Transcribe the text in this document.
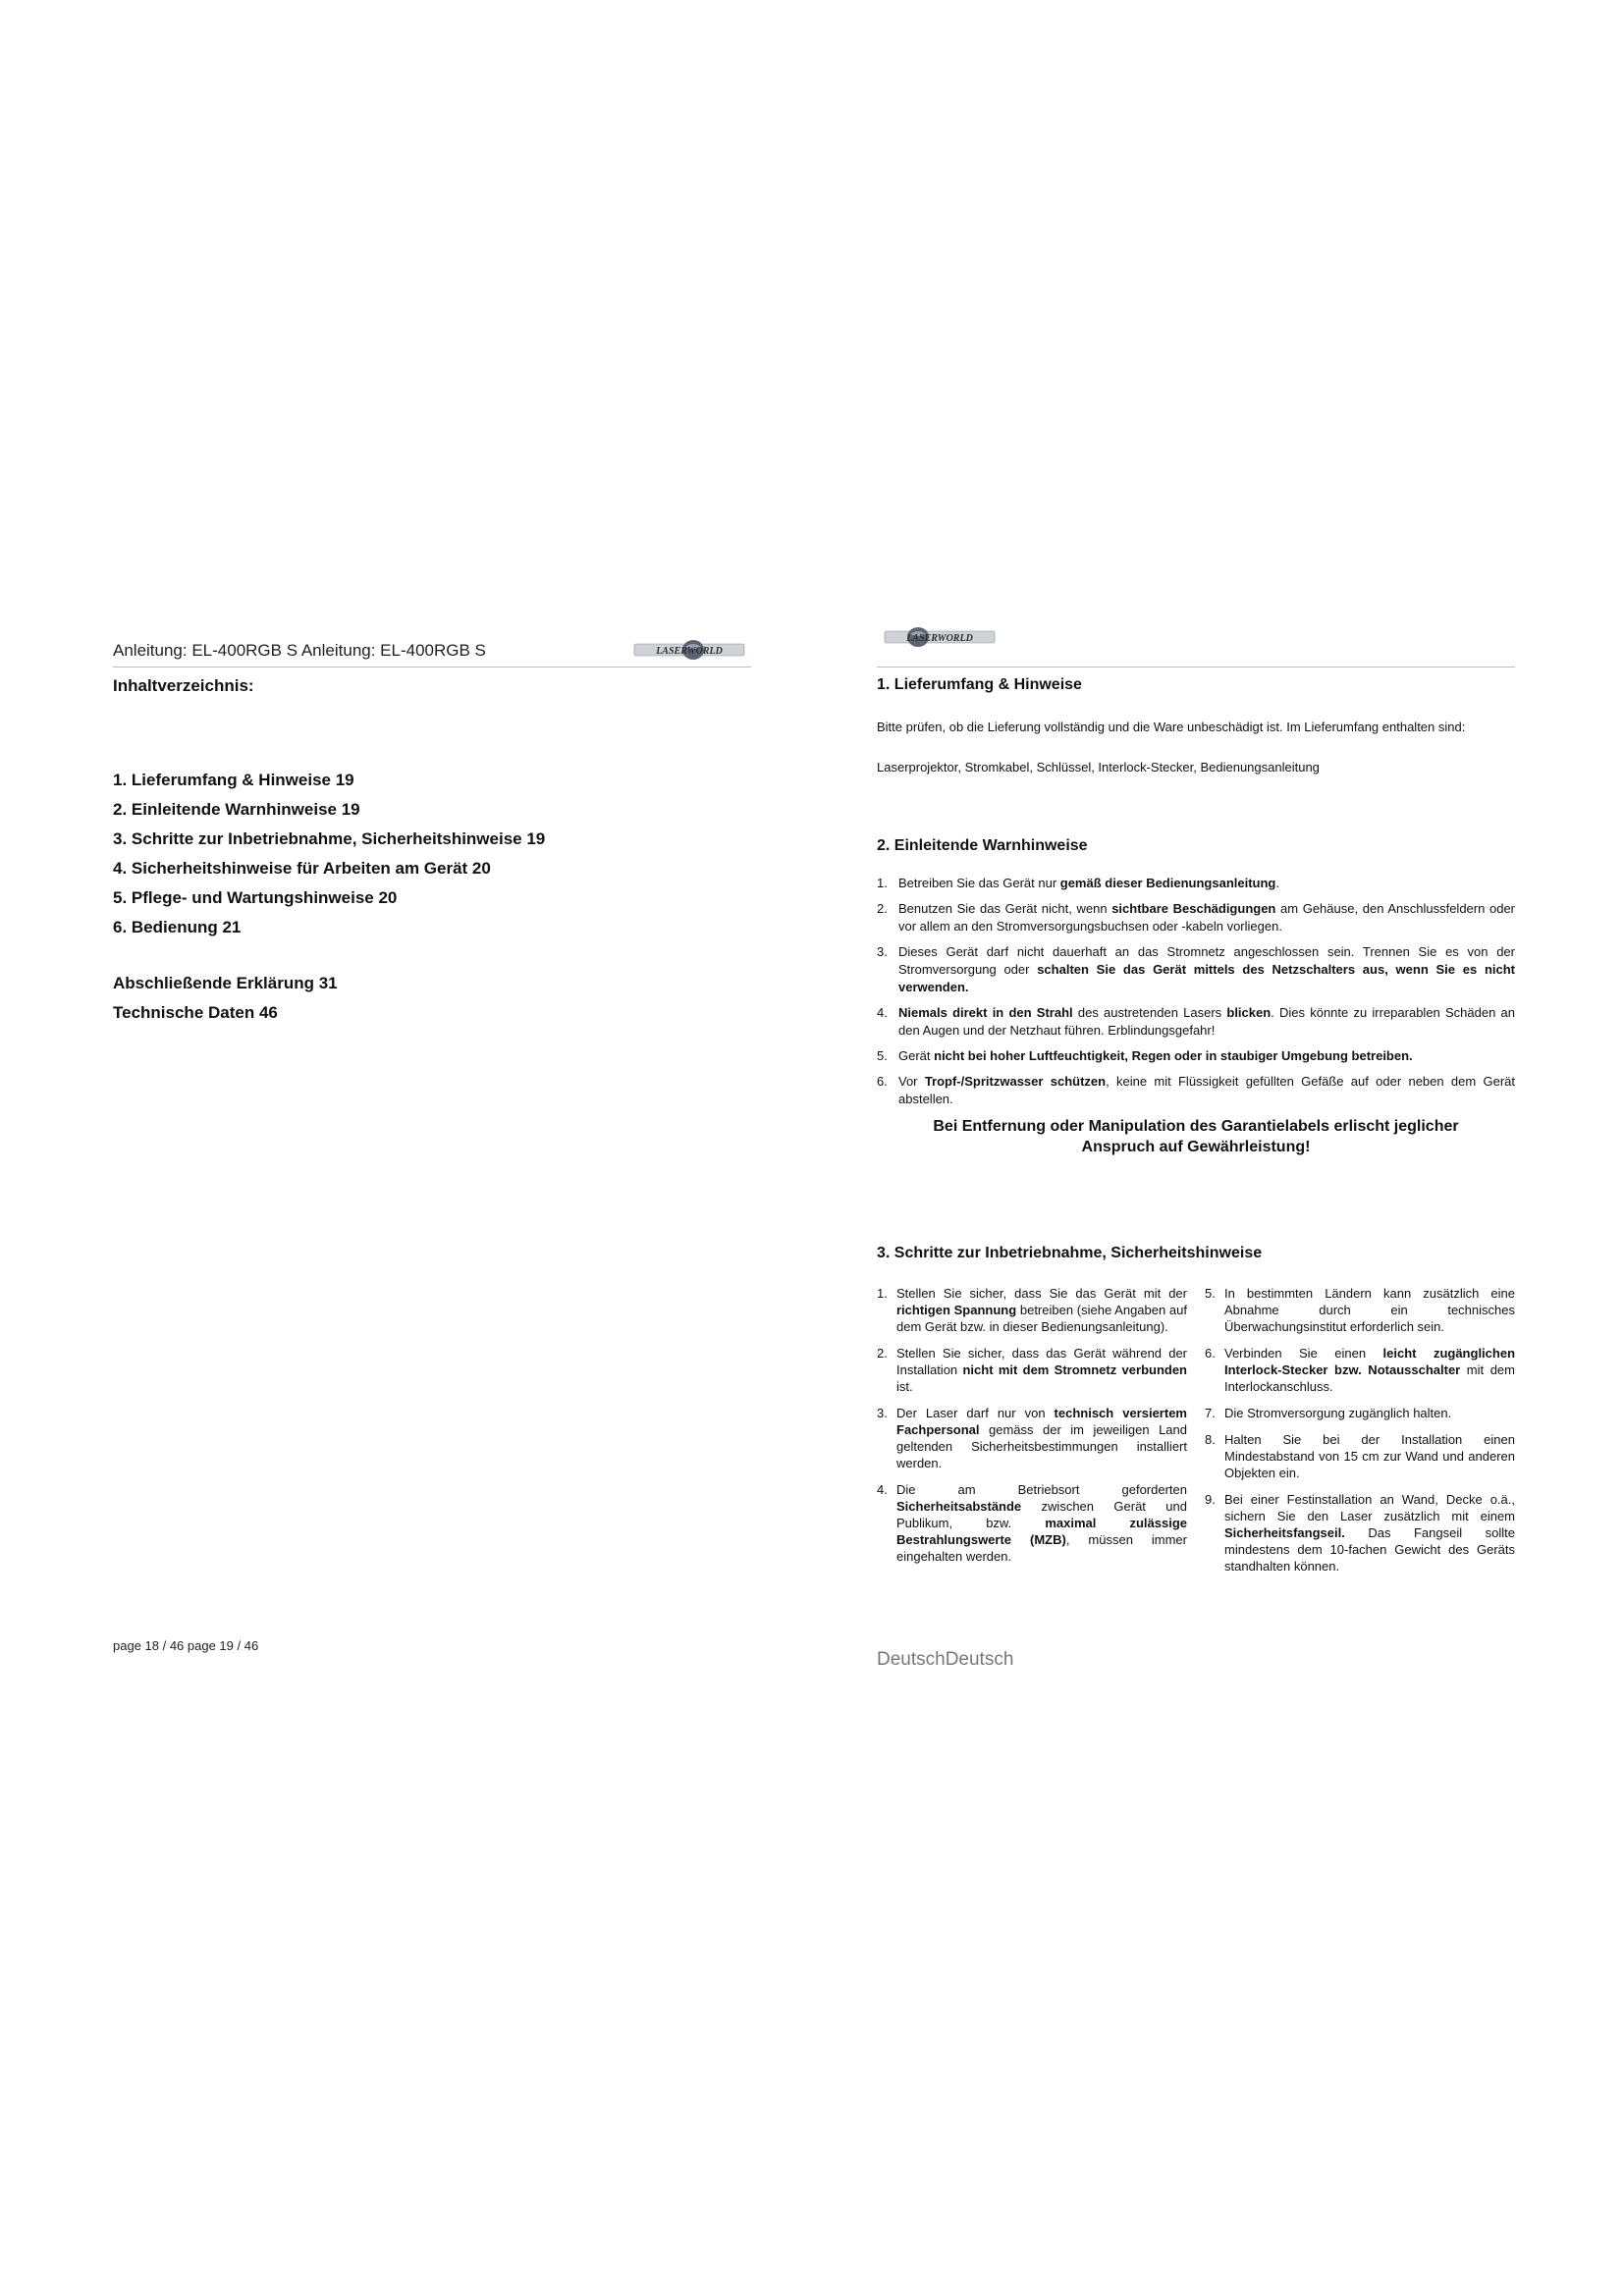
Anleitung: EL-400RGB S Anleitung: EL-400RGB S	LASERWORLD
Inhaltverzeichnis:
1. Lieferumfang & Hinweise 19
2. Einleitende Warnhinweise 19
3. Schritte zur Inbetriebnahme, Sicherheitshinweise 19
4. Sicherheitshinweise für Arbeiten am Gerät 20
5. Pflege- und Wartungshinweise 20
6. Bedienung 21
Abschließende Erklärung 31
Technische Daten 46
page 18 / 46 page 19 / 46
LASERWORLD
1. Lieferumfang & Hinweise

Bitte prüfen, ob die Lieferung vollständig und die Ware unbeschädigt ist. Im Lieferumfang enthalten sind:

Laserprojektor, Stromkabel, Schlüssel, Interlock-Stecker, Bedienungsanleitung

2. Einleitende Warnhinweise
1. Betreiben Sie das Gerät nur gemäß dieser Bedienungsanleitung.
2. Benutzen Sie das Gerät nicht, wenn sichtbare Beschädigungen am Gehäuse, den Anschlussfeldern oder vor allem an den Stromversorgungsbuchsen oder -kabeln vorliegen.
3. Dieses Gerät darf nicht dauerhaft an das Stromnetz angeschlossen sein. Trennen Sie es von der Stromversorgung oder schalten Sie das Gerät mittels des Netzschalters aus, wenn Sie es nicht verwenden.
4. Niemals direkt in den Strahl des austretenden Lasers blicken. Dies könnte zu irreparablen Schäden an den Augen und der Netzhaut führen. Erblindungsgefahr!
5. Gerät nicht bei hoher Luftfeuchtigkeit, Regen oder in staubiger Umgebung betreiben.
6. Vor Tropf-/Spritzwasser schützen, keine mit Flüssigkeit gefüllten Gefäße auf oder neben dem Gerät abstellen.

Bei Entfernung oder Manipulation des Garantielabels erlischt jeglicher Anspruch auf Gewährleistung!

3. Schritte zur Inbetriebnahme, Sicherheitshinweise
1. Stellen Sie sicher, dass Sie das Gerät mit der richtigen Spannung betreiben (siehe Angaben auf dem Gerät bzw. in dieser Bedienungsanleitung).
2. Stellen Sie sicher, dass das Gerät während der Installation nicht mit dem Stromnetz verbunden ist.
3. Der Laser darf nur von technisch versiertem Fachpersonal gemäss der im jeweiligen Land geltenden Sicherheitsbestimmungen installiert werden.
4. Die am Betriebsort geforderten Sicherheitsabstände zwischen Gerät und Publikum, bzw. maximal zulässige Bestrahlungswerte (MZB), müssen immer eingehalten werden.
5. In bestimmten Ländern kann zusätzlich eine Abnahme durch ein technisches Überwachungsinstitut erforderlich sein.
6. Verbinden Sie einen leicht zugänglichen Interlock-Stecker bzw. Notausschalter mit dem Interlockanschluss.
7. Die Stromversorgung zugänglich halten.
8. Halten Sie bei der Installation einen Mindestabstand von 15 cm zur Wand und anderen Objekten ein.
9. Bei einer Festinstallation an Wand, Decke o.ä., sichern Sie den Laser zusätzlich mit einem Sicherheitsfangseil. Das Fangseil sollte mindestens dem 10-fachen Gewicht des Geräts standhalten können.
DeutschDeutsch
